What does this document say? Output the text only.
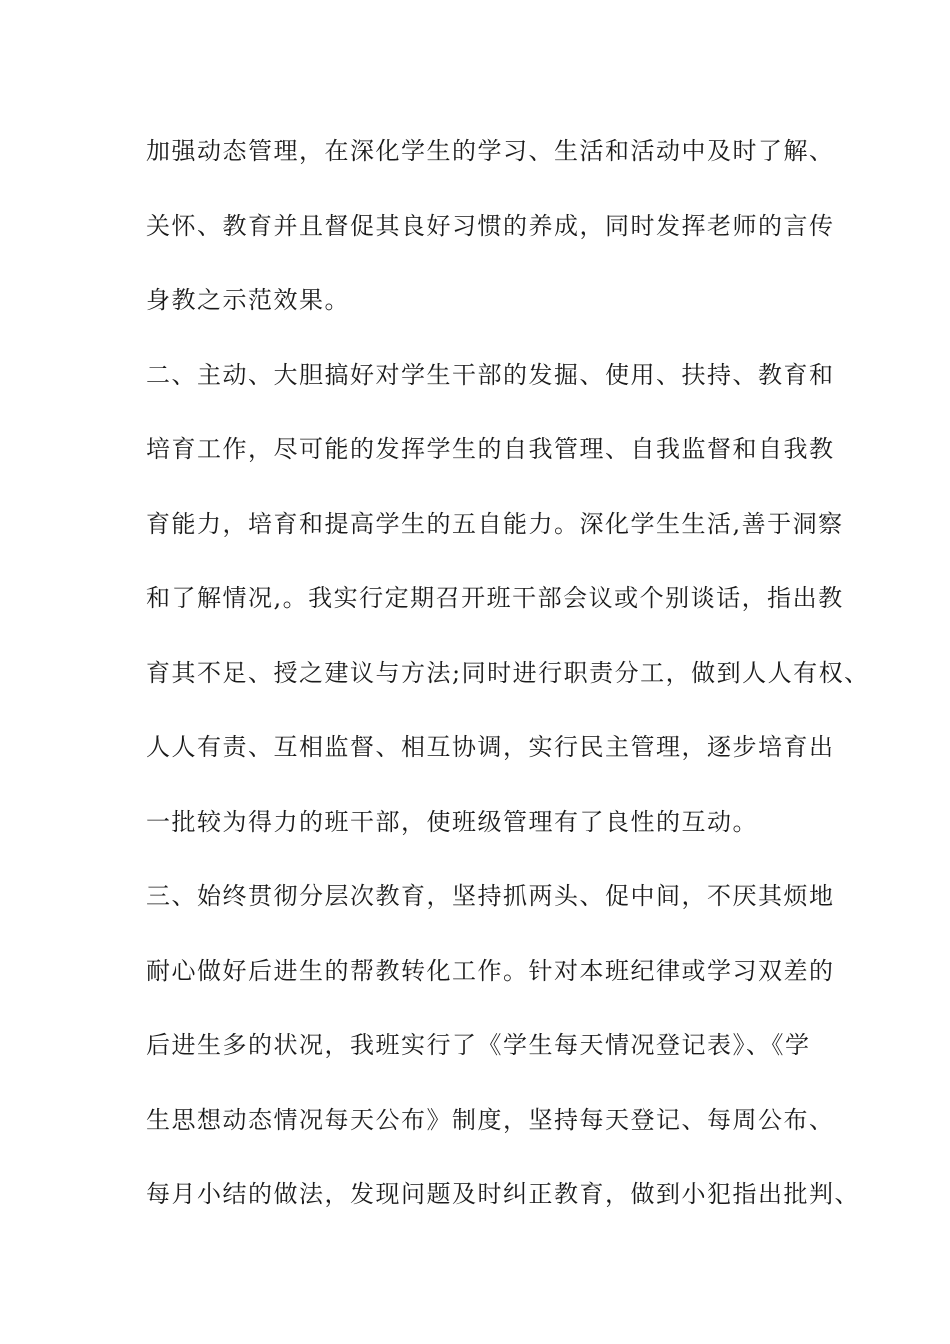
加强动态管理，在深化学生的学习、生活和活动中及时了解、
关怀、教育并且督促其良好习惯的养成，同时发挥老师的言传
身教之示范效果。
二、主动、大胆搞好对学生干部的发掘、使用、扶持、教育和
培育工作，尽可能的发挥学生的自我管理、自我监督和自我教
育能力，培育和提高学生的五自能力。深化学生生活,善于洞察
和了解情况,。我实行定期召开班干部会议或个别谈话，指出教
育其不足、授之建议与方法;同时进行职责分工，做到人人有权、
人人有责、互相监督、相互协调，实行民主管理，逐步培育出
一批较为得力的班干部，使班级管理有了良性的互动。
三、始终贯彻分层次教育，坚持抓两头、促中间，不厌其烦地
耐心做好后进生的帮教转化工作。针对本班纪律或学习双差的
后进生多的状况，我班实行了《学生每天情况登记表》、《学
生思想动态情况每天公布》制度，坚持每天登记、每周公布、
每月小结的做法，发现问题及时纠正教育，做到小犯指出批判、
